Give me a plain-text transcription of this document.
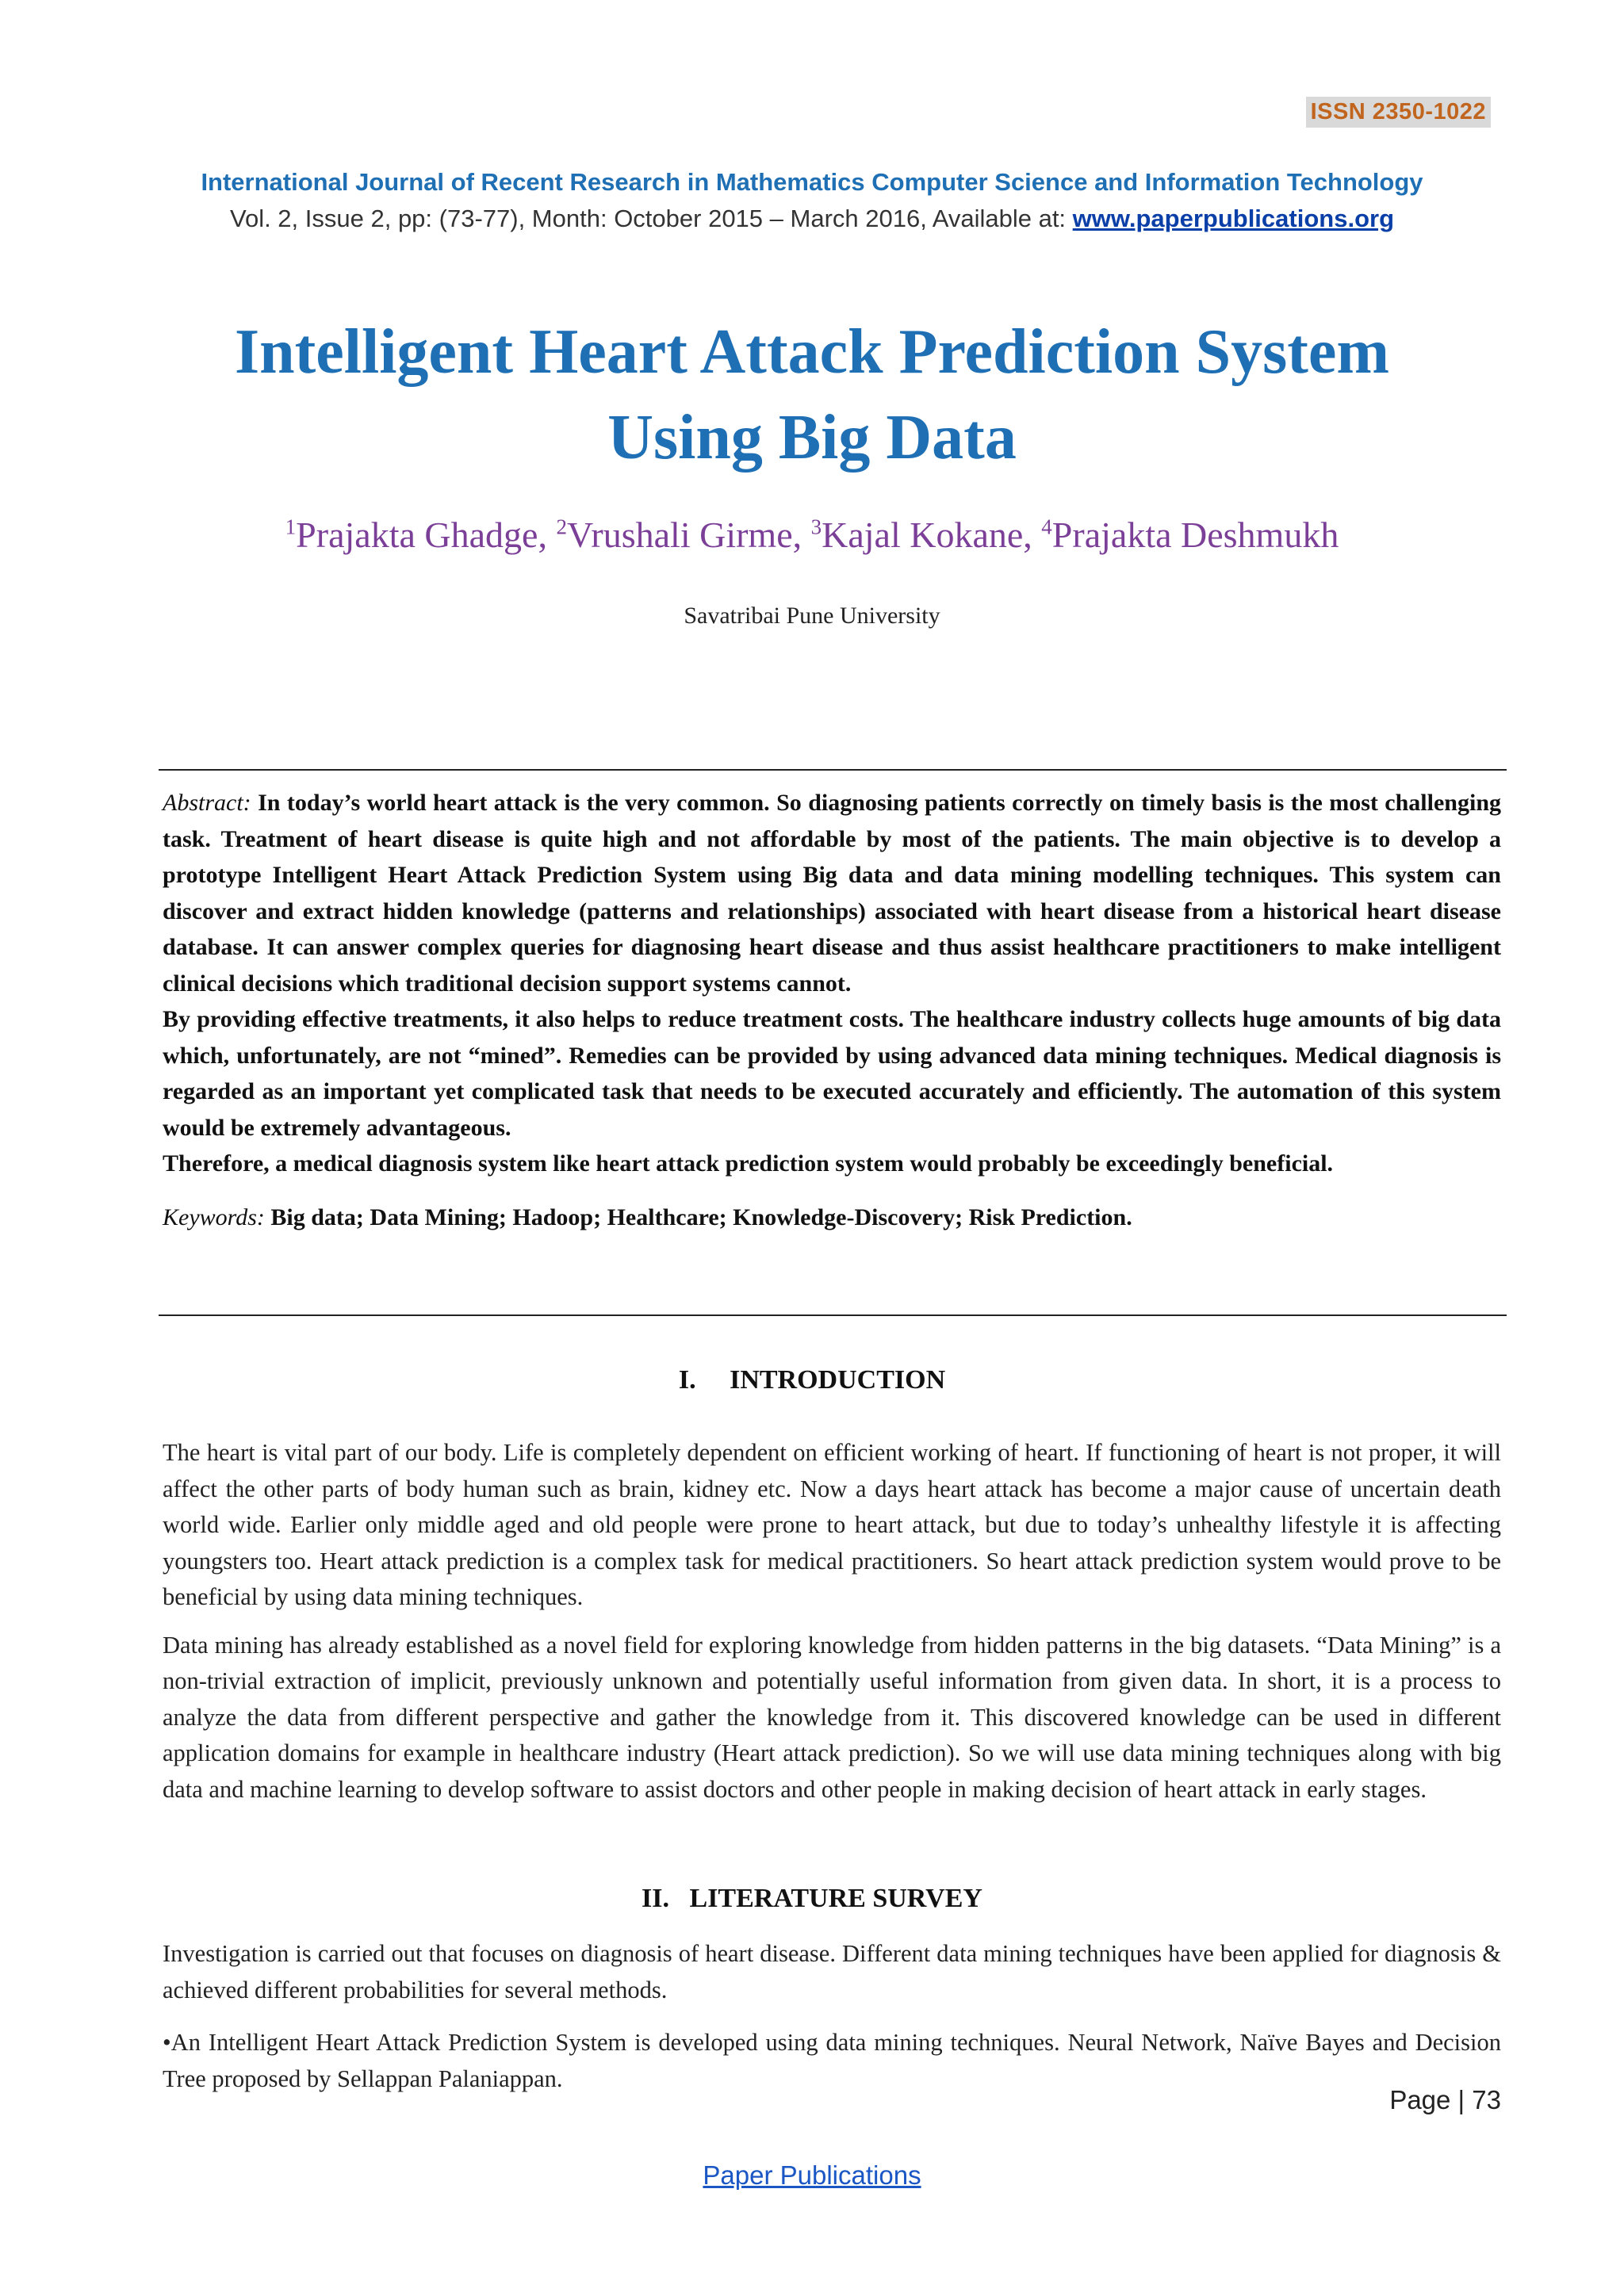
ISSN 2350-1022
International Journal of Recent Research in Mathematics Computer Science and Information Technology
Vol. 2, Issue 2, pp: (73-77), Month: October 2015 – March 2016, Available at: www.paperpublications.org
Intelligent Heart Attack Prediction System
Using Big Data
$^1$Prajakta Ghadge, $^2$Vrushali Girme, $^3$Kajal Kokane, $^4$Prajakta Deshmukh
Savatribai Pune University

Abstract: In today’s world heart attack is the very common. So diagnosing patients correctly on timely basis is the most challenging task. Treatment of heart disease is quite high and not affordable by most of the patients. The main objective is to develop a prototype Intelligent Heart Attack Prediction System using Big data and data mining modelling techniques. This system can discover and extract hidden knowledge (patterns and relationships) associated with heart disease from a historical heart disease database. It can answer complex queries for diagnosing heart disease and thus assist healthcare practitioners to make intelligent clinical decisions which traditional decision support systems cannot.

By providing effective treatments, it also helps to reduce treatment costs. The healthcare industry collects huge amounts of big data which, unfortunately, are not “mined”. Remedies can be provided by using advanced data mining techniques. Medical diagnosis is regarded as an important yet complicated task that needs to be executed accurately and efficiently. The automation of this system would be extremely advantageous.

Therefore, a medical diagnosis system like heart attack prediction system would probably be exceedingly beneficial.

Keywords: Big data; Data Mining; Hadoop; Healthcare; Knowledge-Discovery; Risk Prediction.

I.     INTRODUCTION

The heart is vital part of our body. Life is completely dependent on efficient working of heart. If functioning of heart is not proper, it will affect the other parts of body human such as brain, kidney etc. Now a days heart attack has become a major cause of uncertain death world wide. Earlier only middle aged and old people were prone to heart attack, but due to today’s unhealthy lifestyle it is affecting youngsters too. Heart attack prediction is a complex task for medical practitioners. So heart attack prediction system would prove to be beneficial by using data mining techniques.

Data mining has already established as a novel field for exploring knowledge from hidden patterns in the big datasets. “Data Mining” is a non-trivial extraction of implicit, previously unknown and potentially useful information from given data. In short, it is a process to analyze the data from different perspective and gather the knowledge from it. This discovered knowledge can be used in different application domains for example in healthcare industry (Heart attack prediction). So we will use data mining techniques along with big data and machine learning to develop software to assist doctors and other people in making decision of heart attack in early stages.

II.   LITERATURE SURVEY

Investigation is carried out that focuses on diagnosis of heart disease. Different data mining techniques have been applied for diagnosis & achieved different probabilities for several methods.

•An Intelligent Heart Attack Prediction System is developed using data mining techniques. Neural Network, Naïve Bayes and Decision Tree proposed by Sellappan Palaniappan.

Page | 73
Paper Publications
